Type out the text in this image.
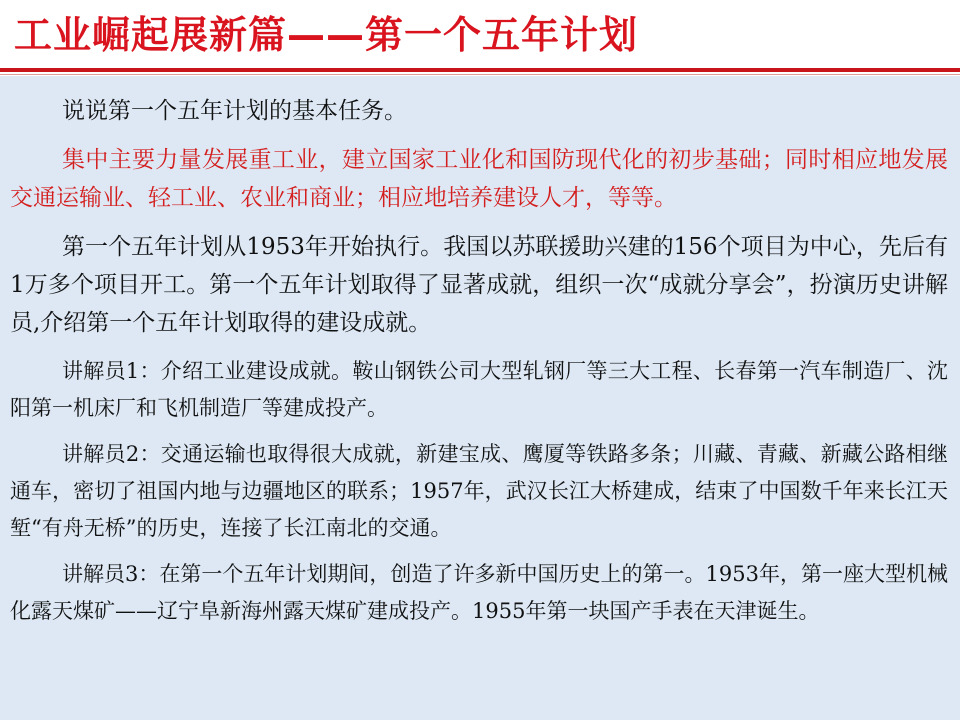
工业崛起展新篇——第一个五年计划

说说第一个五年计划的基本任务。

集中主要力量发展重工业，建立国家工业化和国防现代化的初步基础；同时相应地发展交通运输业、轻工业、农业和商业；相应地培养建设人才，等等。

第一个五年计划从1953年开始执行。我国以苏联援助兴建的156个项目为中心，先后有1万多个项目开工。第一个五年计划取得了显著成就，组织一次“成就分享会”，扮演历史讲解员,介绍第一个五年计划取得的建设成就。

讲解员1：介绍工业建设成就。鞍山钢铁公司大型轧钢厂等三大工程、长春第一汽车制造厂、沈阳第一机床厂和飞机制造厂等建成投产。

讲解员2：交通运输也取得很大成就，新建宝成、鹰厦等铁路多条；川藏、青藏、新藏公路相继通车，密切了祖国内地与边疆地区的联系；1957年，武汉长江大桥建成，结束了中国数千年来长江天堑“有舟无桥”的历史，连接了长江南北的交通。

讲解员3：在第一个五年计划期间，创造了许多新中国历史上的第一。1953年，第一座大型机械化露天煤矿——辽宁阜新海州露天煤矿建成投产。1955年第一块国产手表在天津诞生。
